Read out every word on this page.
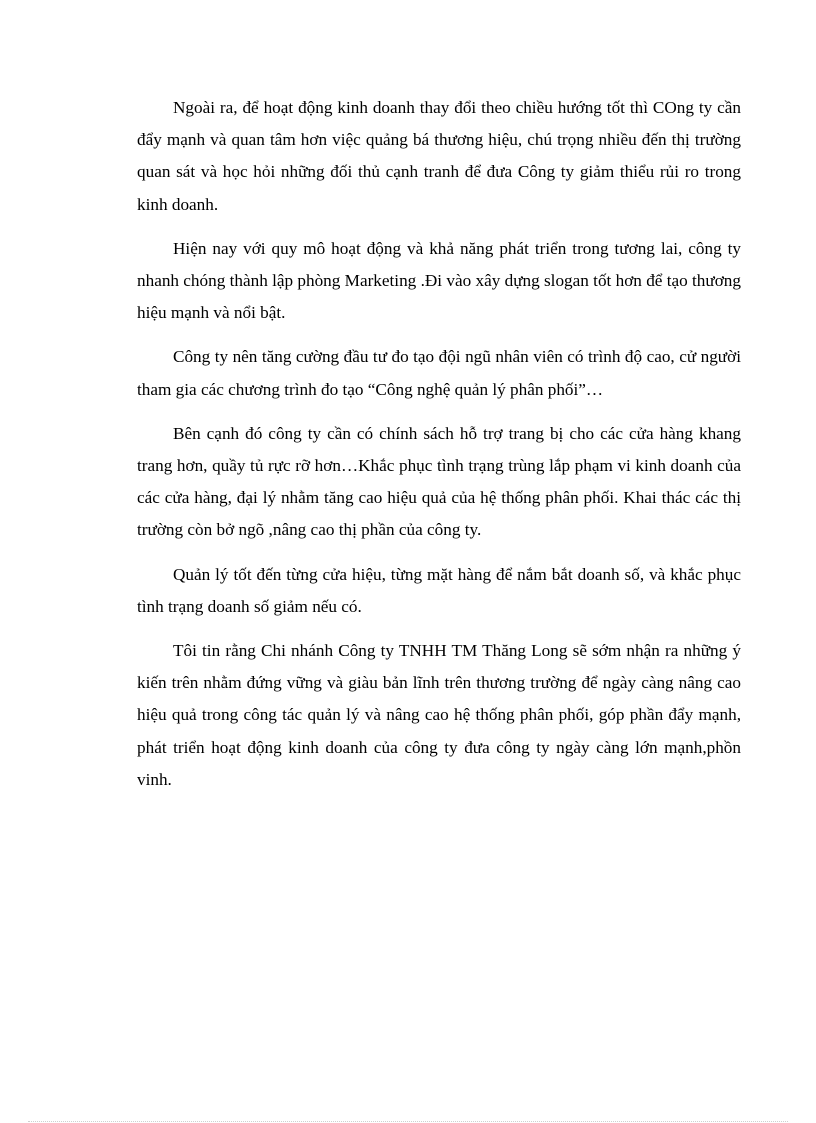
Ngoài ra, để hoạt động kinh doanh thay đổi theo chiều hướng tốt thì COng ty cần đẩy mạnh và quan tâm hơn việc quảng bá thương hiệu, chú trọng nhiều đến thị trường quan sát và học hỏi những đối thủ cạnh tranh để đưa Công ty giảm thiểu rủi ro trong kinh doanh.

Hiện nay với quy mô hoạt động và khả năng phát triển trong tương lai, công ty nhanh chóng thành lập phòng Marketing .Đi vào xây dựng slogan tốt hơn để tạo thương hiệu mạnh và nổi bật.

Công ty nên tăng cường đầu tư đo tạo đội ngũ nhân viên có trình độ cao, cử người tham gia các chương trình đo tạo “Công nghệ quản lý phân phối”…

Bên cạnh đó công ty cần có chính sách hỗ trợ trang bị cho các cửa hàng khang trang hơn, quầy tủ rực rỡ hơn…Khắc phục tình trạng trùng lắp phạm vi kinh doanh của các cửa hàng, đại lý nhằm tăng cao hiệu quả của hệ thống phân phối. Khai thác các thị trường còn bở ngõ ,nâng cao thị phần của công ty.

Quản lý tốt đến từng cửa hiệu, từng mặt hàng để nắm bắt doanh số, và khắc phục tình trạng doanh số giảm nếu có.

Tôi tin rằng Chi nhánh Công ty TNHH TM Thăng Long sẽ sớm nhận ra những ý kiến trên nhằm đứng vững và giàu bản lĩnh trên thương trường để ngày càng nâng cao hiệu quả trong công tác quản lý và nâng cao hệ thống phân phối, góp phần đẩy mạnh, phát triển hoạt động kinh doanh của công ty đưa công ty ngày càng lớn mạnh,phồn vinh.
